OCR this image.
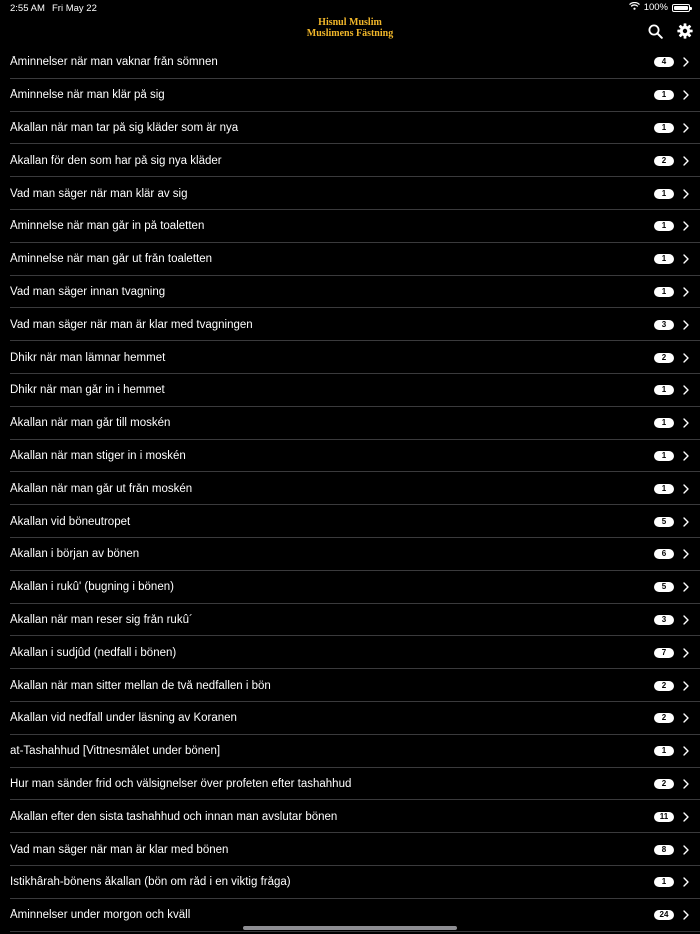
2:55 AM Fri May 22	100%
Hisnul Muslim
Muslimens Fästning
Åminnelser när man vaknar från sömnen	4
Åminnelse när man klär på sig	1
Åkallan när man tar på sig kläder som är nya	1
Åkallan för den som har på sig nya kläder	2
Vad man säger när man klär av sig	1
Åminnelse när man går in på toaletten	1
Åminnelse när man går ut från toaletten	1
Vad man säger innan tvagning	1
Vad man säger när man är klar med tvagningen	3
Dhikr när man lämnar hemmet	2
Dhikr när man går in i hemmet	1
Åkallan när man går till moskén	1
Åkallan när man stiger in i moskén	1
Åkallan när man går ut från moskén	1
Åkallan vid böneutropet	5
Åkallan i början av bönen	6
Åkallan i rukû' (bugning i bönen)	5
Åkallan när man reser sig från rukû´	3
Åkallan i sudjûd (nedfall i bönen)	7
Åkallan när man sitter mellan de två nedfallen i bön	2
Åkallan vid nedfall under läsning av Koranen	2
at-Tashahhud [Vittnesmålet under bönen]	1
Hur man sänder frid och välsignelser över profeten efter tashahhud	2
Åkallan efter den sista tashahhud och innan man avslutar bönen	11
Vad man säger när man är klar med bönen	8
Istikhârah-bönens åkallan (bön om råd i en viktig fråga)	1
Åminnelser under morgon och kväll	24
